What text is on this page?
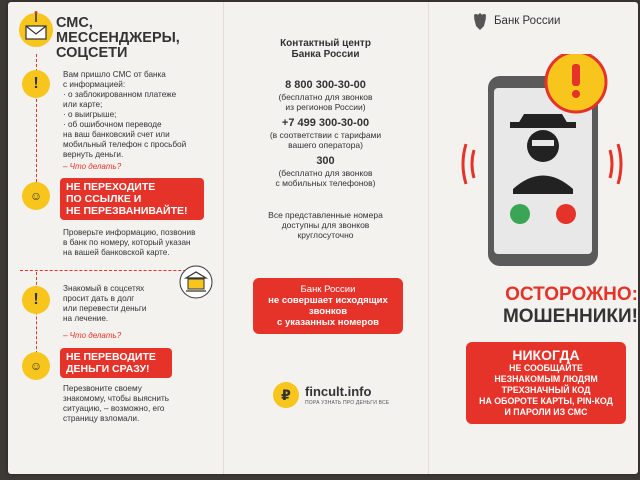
СМС,
МЕССЕНДЖЕРЫ,
СОЦСЕТИ
!
Вам пришло СМС от банка
с информацией:
· о заблокированном платеже
или карте;
· о выигрыше;
· об ошибочном переводе
на ваш банковский счет или
мобильный телефон с просьбой
вернуть деньги.
– Что делать?
☺
НЕ ПЕРЕХОДИТЕ
ПО ССЫЛКЕ И
НЕ ПЕРЕЗВАНИВАЙТЕ!
Проверьте информацию, позвонив
в банк по номеру, который указан
на вашей банковской карте.
!
Знакомый в соцсетях
просит дать в долг
или перевести деньги
на лечение.
– Что делать?
☺
НЕ ПЕРЕВОДИТЕ
ДЕНЬГИ СРАЗУ!
Перезвоните своему
знакомому, чтобы выяснить
ситуацию, – возможно, его
страницу взломали.
Контактный центр
Банка России
8 800 300-30-00
(бесплатно для звонков
из регионов России)
+7 499 300-30-00
(в соответствии с тарифами
вашего оператора)
300
(бесплатно для звонков
с мобильных телефонов)
Все представленные номера
доступны для звонков
круглосуточно
Банк России
не совершает исходящих
звонков
с указанных номеров
₽ fincult.info
ПОРА УЗНАТЬ ПРО ДЕНЬГИ ВСЕ
Банк России
ОСТОРОЖНО:
МОШЕННИКИ!
НИКОГДА
НЕ СООБЩАЙТЕ
НЕЗНАКОМЫМ ЛЮДЯМ
ТРЕХЗНАЧНЫЙ КОД
НА ОБОРОТЕ КАРТЫ, PIN-КОД
И ПАРОЛИ ИЗ СМС
